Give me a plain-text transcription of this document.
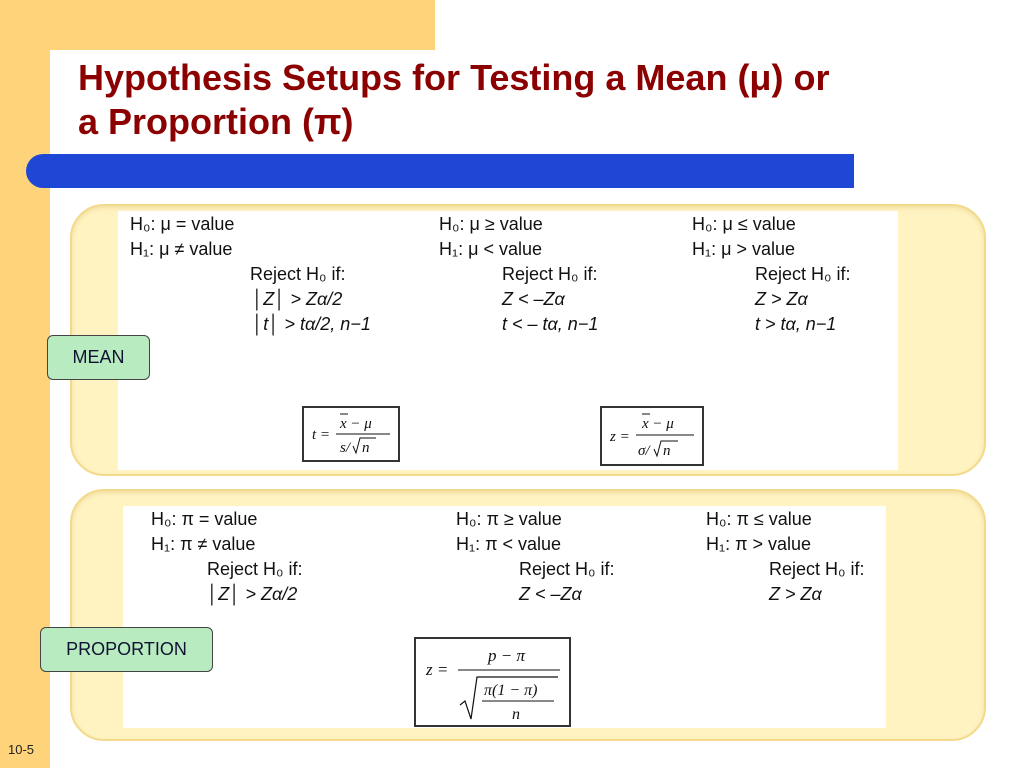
Hypothesis Setups for Testing a Mean (μ) or
a Proportion (π)
H₀: μ = value
H₁: μ ≠ value
Reject H₀ if:
│Z│ > Zα/2
│t│ > tα/2, n−1
H₀: μ ≥ value
H₁: μ < value
Reject H₀ if:
Z < –Zα
t < – tα, n−1
H₀: μ ≤ value
H₁: μ > value
Reject H₀ if:
Z > Zα
t > tα, n−1
t =
x − μ
s/ n
z =
x − μ
σ/ n
MEAN
H₀: π = value
H₁: π ≠ value
Reject H₀ if:
│Z│ > Zα/2
H₀: π ≥ value
H₁: π < value
Reject H₀ if:
Z < –Zα
H₀: π ≤ value
H₁: π > value
Reject H₀ if:
Z > Zα
z =
p − π
π(1 − π)
n
PROPORTION
10-5
